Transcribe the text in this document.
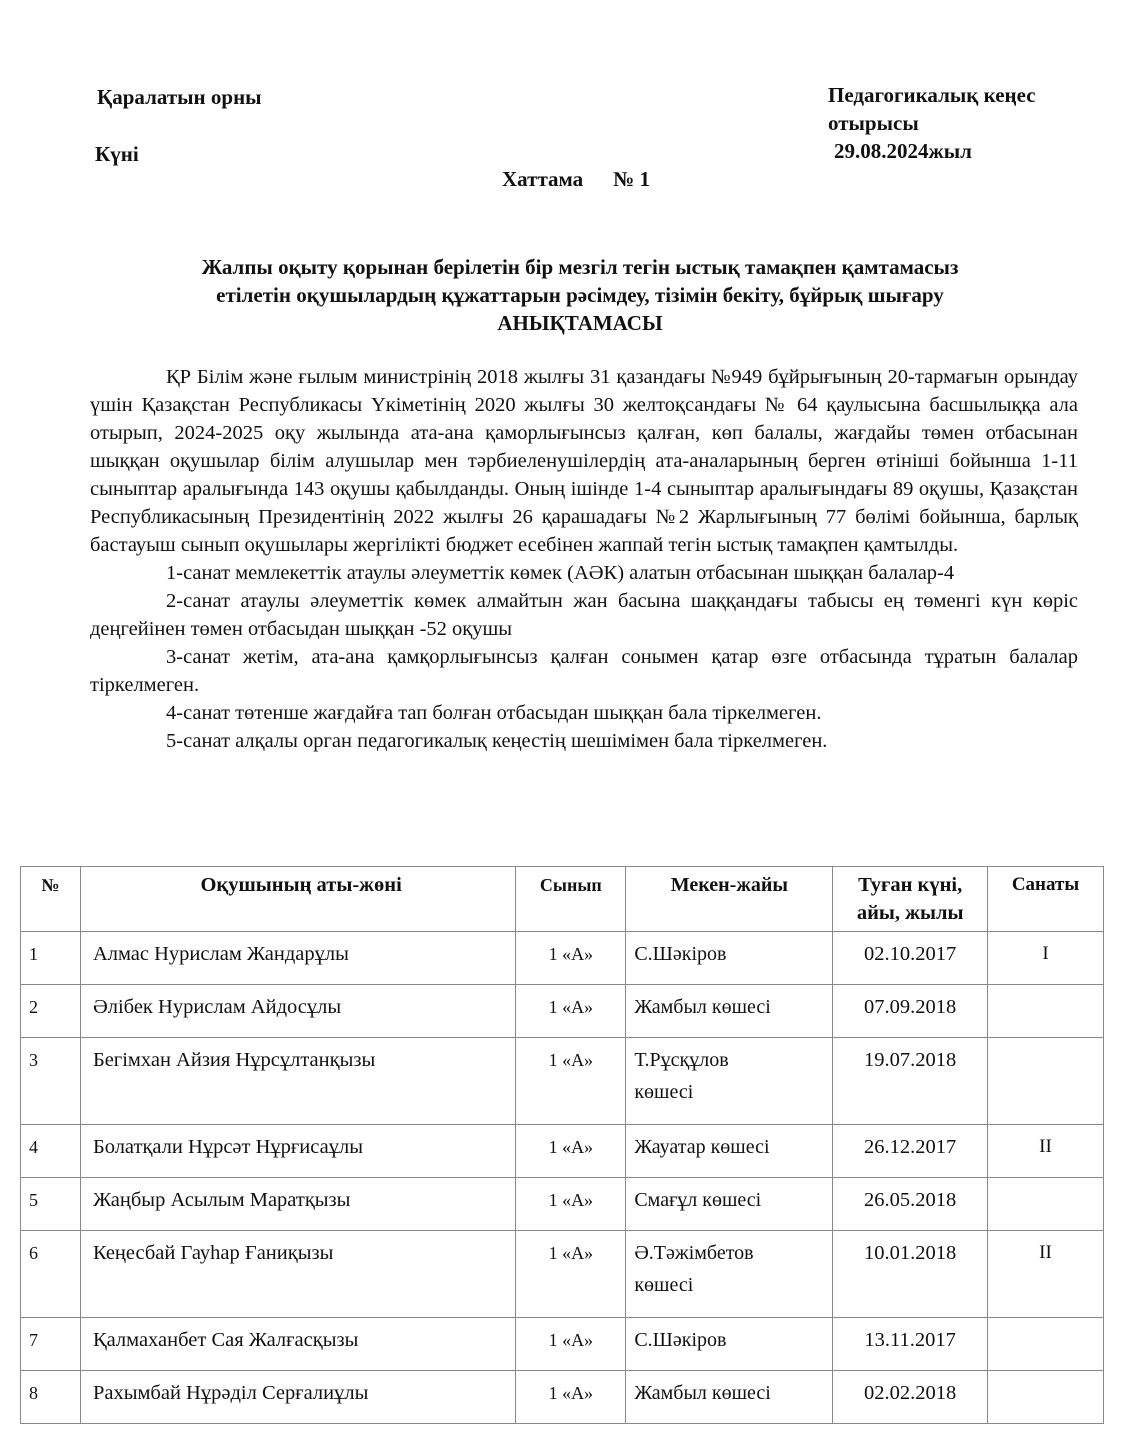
Қаралатын орны
Күні
Педагогикалық кеңес
отырысы
29.08.2024жыл
Хаттама № 1
Жалпы оқыту қорынан берілетін бір мезгіл тегін ыстық тамақпен қамтамасыз
етілетін оқушылардың құжаттарын рәсімдеу, тізімін бекіту, бұйрық шығару
АНЫҚТАМАСЫ

ҚР Білім және ғылым министрінің 2018 жылғы 31 қазандағы №949 бұйрығының 20-тармағын орындау үшін Қазақстан Республикасы Үкіметінің 2020 жылғы 30 желтоқсандағы № 64 қаулысына басшылыққа ала отырып, 2024-2025 оқу жылында ата-ана қаморлығынсыз қалған, көп балалы, жағдайы төмен отбасынан шыққан оқушылар білім алушылар мен тәрбиеленушілердің ата-аналарының берген өтініші бойынша 1-11 сыныптар аралығында 143 оқушы қабылданды. Оның ішінде 1-4 сыныптар аралығындағы 89 оқушы, Қазақстан Республикасының Президентінің 2022 жылғы 26 қарашадағы №2 Жарлығының 77 бөлімі бойынша, барлық бастауыш сынып оқушылары жергілікті бюджет есебінен жаппай тегін ыстық тамақпен қамтылды.

1-санат мемлекеттік атаулы әлеуметтік көмек (АӘК) алатын отбасынан шыққан балалар-4

2-санат атаулы әлеуметтік көмек алмайтын жан басына шаққандағы табысы ең төменгі күн көріс деңгейінен төмен отбасыдан шыққан -52 оқушы

3-санат жетім, ата-ана қамқорлығынсыз қалған сонымен қатар өзге отбасында тұратын балалар тіркелмеген.

4-санат төтенше жағдайға тап болған отбасыдан шыққан бала тіркелмеген.

5-санат алқалы орган педагогикалық кеңестің шешімімен бала тіркелмеген.

№	Оқушының аты-жөні	Сынып	Мекен-жайы	Туған күні,
айы, жылы	Санаты
1	Алмас Нурислам Жандарұлы	1 «А»	С.Шәкіров	02.10.2017	I
2	Әлібек Нурислам Айдосұлы	1 «А»	Жамбыл көшесі	07.09.2018	
3	Бегімхан Айзия Нұрсұлтанқызы	1 «А»	Т.Рұсқұлов
көшесі	19.07.2018	
4	Болатқали Нұрсәт Нұрғисаұлы	1 «А»	Жауатар көшесі	26.12.2017	II
5	Жаңбыр Асылым Маратқызы	1 «А»	Смағұл көшесі	26.05.2018	
6	Кеңесбай Гауһар Ғаниқызы	1 «А»	Ә.Тәжімбетов
көшесі	10.01.2018	II
7	Қалмаханбет Сая Жалғасқызы	1 «А»	С.Шәкіров	13.11.2017	
8	Рахымбай Нұрәділ Серғалиұлы	1 «А»	Жамбыл көшесі	02.02.2018	
